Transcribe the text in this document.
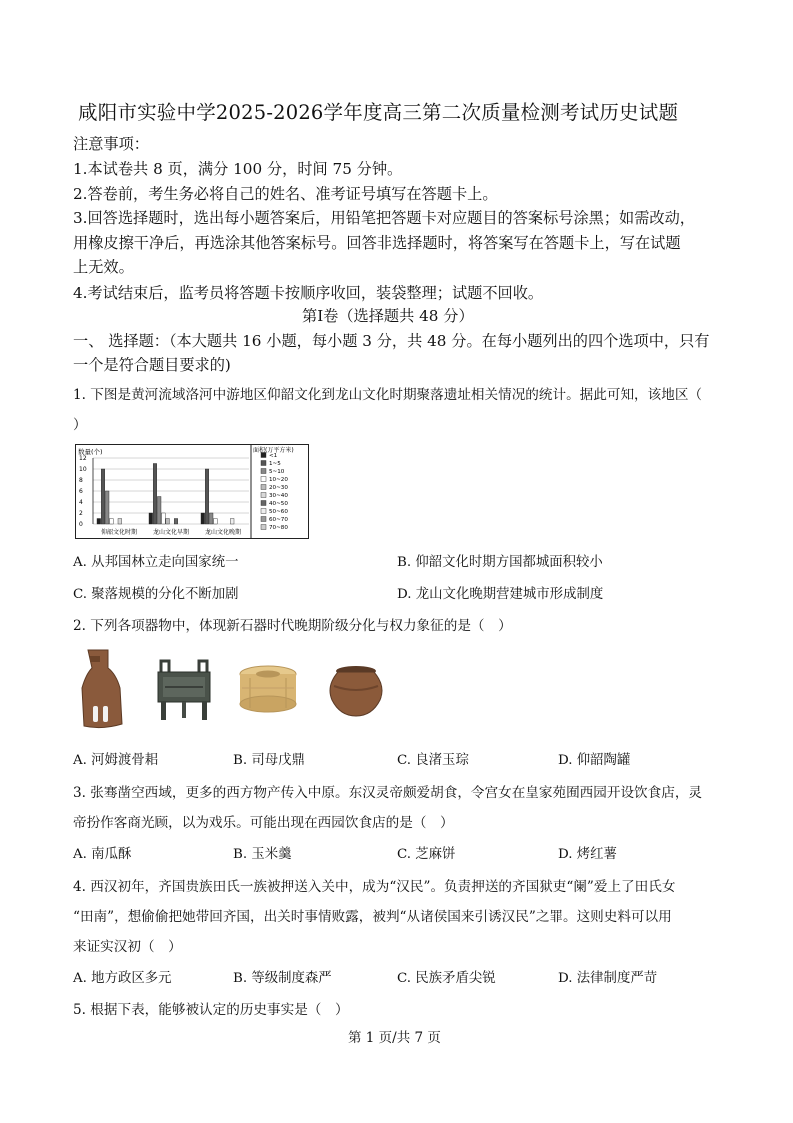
咸阳市实验中学2025-2026学年度高三第二次质量检测考试历史试题
注意事项：
1.本试卷共 8 页，满分 100 分，时间 75 分钟。
2.答卷前，考生务必将自己的姓名、准考证号填写在答题卡上。
3.回答选择题时，选出每小题答案后，用铅笔把答题卡对应题目的答案标号涂黑；如需改动，
用橡皮擦干净后，再选涂其他答案标号。回答非选择题时，将答案写在答题卡上，写在试题
上无效。
4.考试结束后，监考员将答题卡按顺序收回，装袋整理；试题不回收。
第Ⅰ卷（选择题共 48 分）
一、 选择题：（本大题共 16 小题，每小题 3 分，共 48 分。在每小题列出的四个选项中，只有
一个是符合题目要求的)
1. 下图是黄河流域洛河中游地区仰韶文化到龙山文化时期聚落遗址相关情况的统计。据此可知，该地区（
）
数量(个)
12
10
8
6
4
2
0
仰韶文化时期	龙山文化早期	龙山文化晚期
<1
1~5
5~10
10~20
20~30
30~40
40~50
50~60
60~70
70~80
面积(万平方米)
A. 从邦国林立走向国家统一	B. 仰韶文化时期方国都城面积较小
C. 聚落规模的分化不断加剧	D. 龙山文化晚期营建城市形成制度
2. 下列各项器物中，体现新石器时代晚期阶级分化与权力象征的是（　）
A. 河姆渡骨耜	B. 司母戊鼎	C. 良渚玉琮	D. 仰韶陶罐
3. 张骞凿空西域，更多的西方物产传入中原。东汉灵帝颇爱胡食，令宫女在皇家苑囿西园开设饮食店，灵
帝扮作客商光顾，以为戏乐。可能出现在西园饮食店的是（　）
A. 南瓜酥	B. 玉米羹	C. 芝麻饼	D. 烤红薯
4. 西汉初年，齐国贵族田氏一族被押送入关中，成为“汉民”。负责押送的齐国狱吏“阑”爱上了田氏女
“田南”，想偷偷把她带回齐国，出关时事情败露，被判“从诸侯国来引诱汉民”之罪。这则史料可以用
来证实汉初（　）
A. 地方政区多元	B. 等级制度森严	C. 民族矛盾尖锐	D. 法律制度严苛
5. 根据下表，能够被认定的历史事实是（　）
第 1 页/共 7 页
